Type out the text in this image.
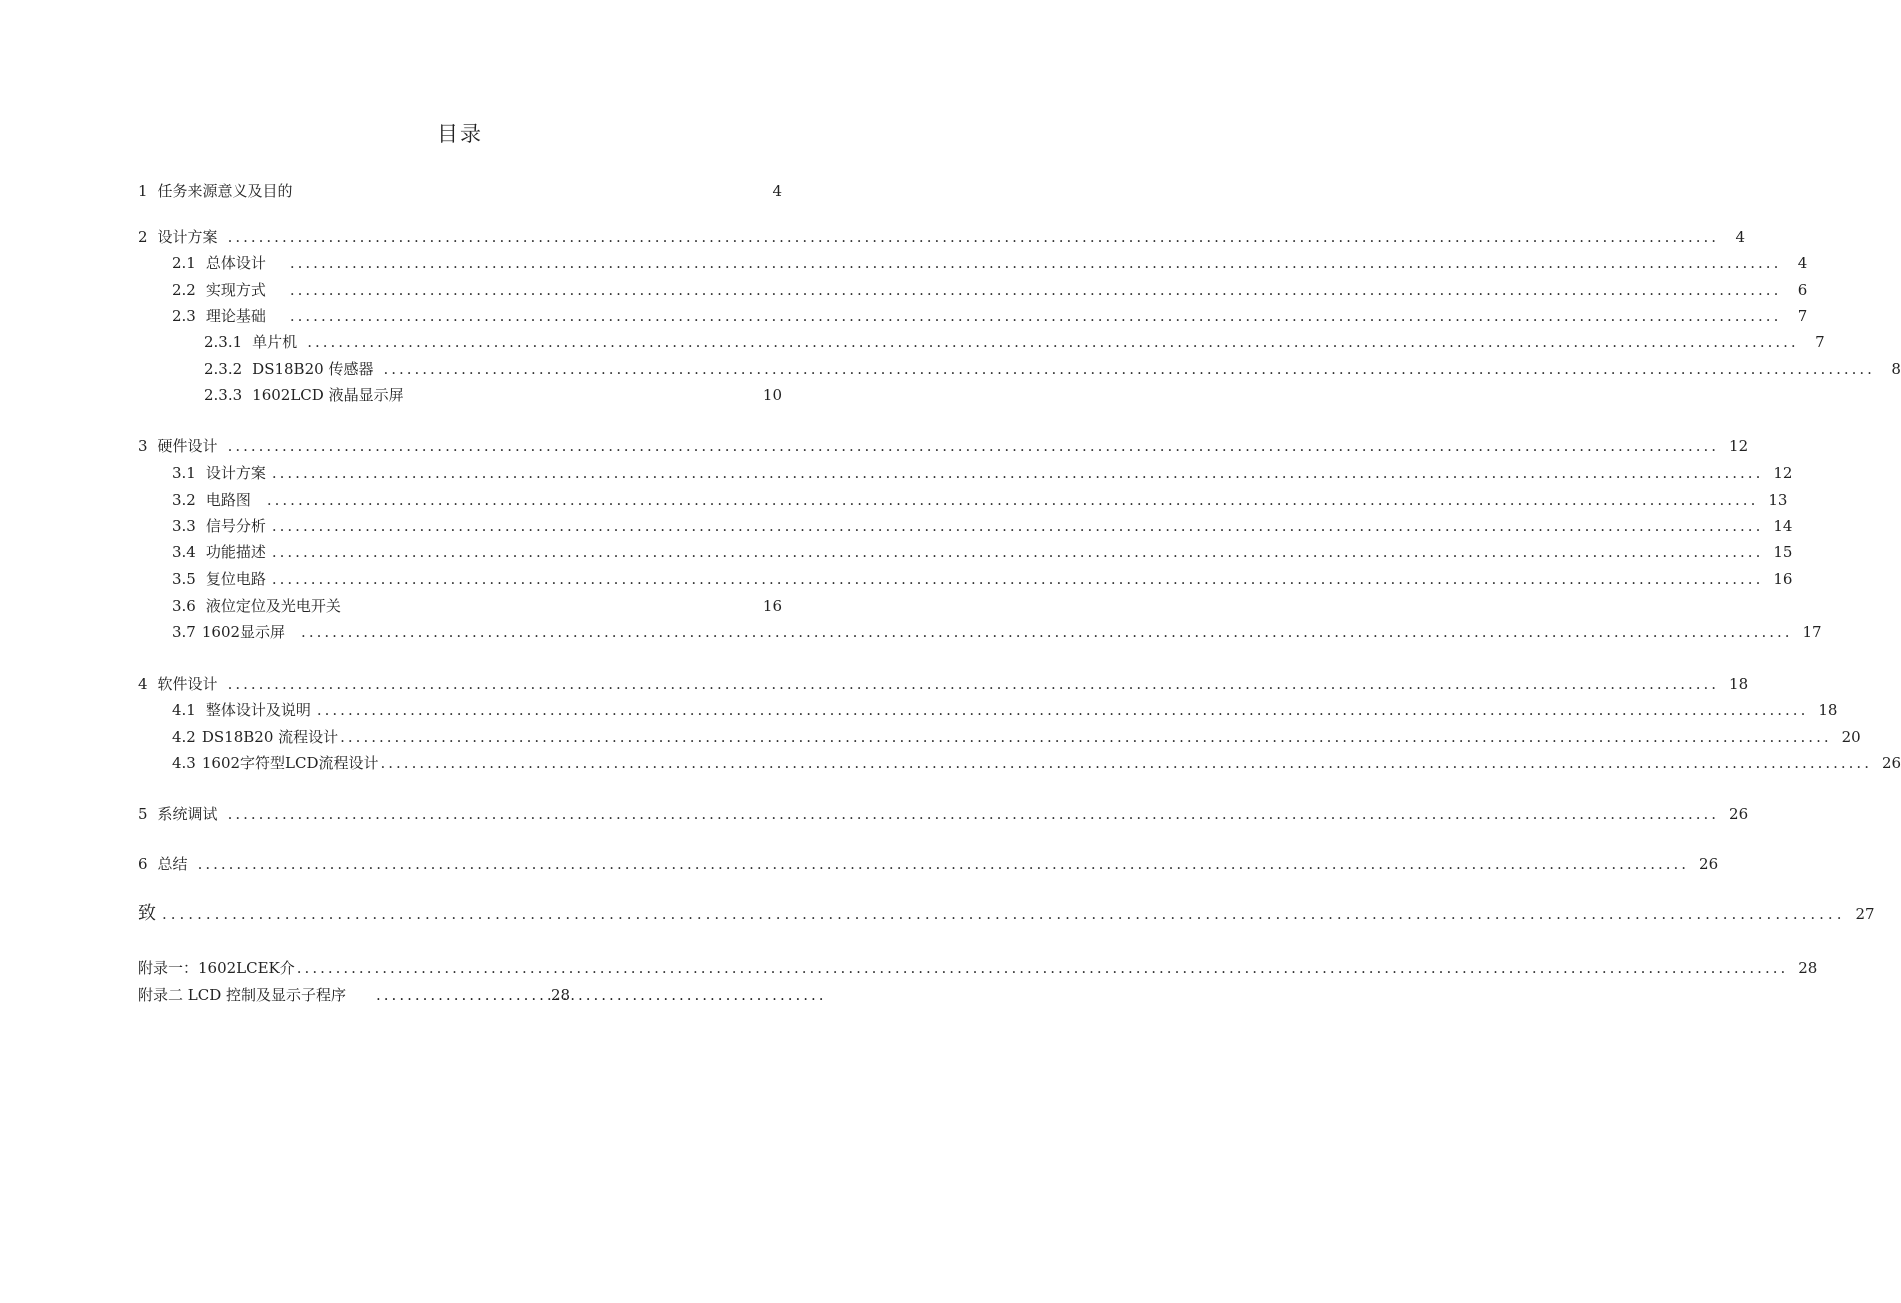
目录
1 任务来源意义及目的	4
2 设计方案 .....	4
2.1 总体设计 .....	4
2.2 实现方式 .....	6
2.3 理论基础 .....	7
2.3.1 单片机 .....	7
2.3.2 DS18B20 传感器 .....	8
2.3.3 1602LCD 液晶显示屏	10
3 硬件设计 .....	12
3.1 设计方案 .....	12
3.2 电路图 .....	13
3.3 信号分析 .....	14
3.4 功能描述 .....	15
3.5 复位电路 .....	16
3.6 液位定位及光电开关	16
3.7 1602显示屏 .....	17
4 软件设计 .....	18
4.1 整体设计及说明 .....	18
4.2 DS18B20 流程设计 .....	20
4.3 1602字符型LCD流程设计 .....	26
5 系统调试 .....	26
6 总结 .....	26
致 .....	27
附录一：1602LCEK介 .....	28
附录二 LCD 控制及显示子程序 .....	28
